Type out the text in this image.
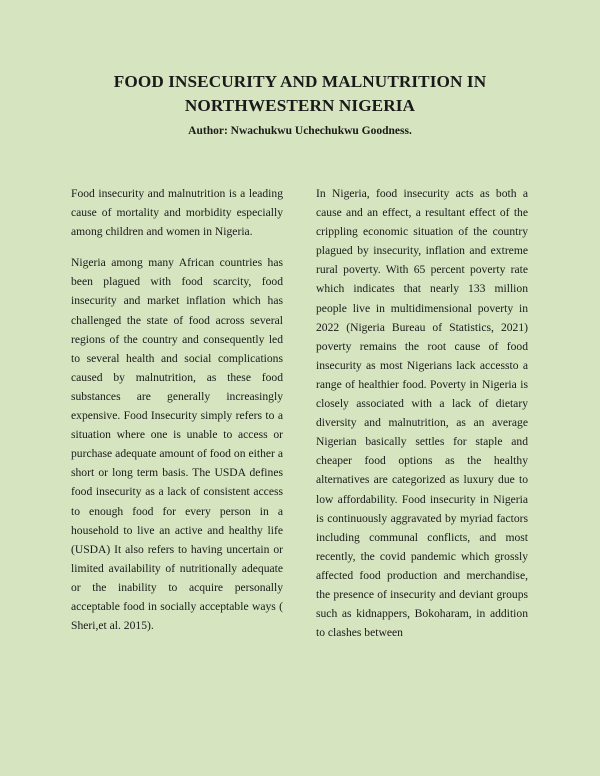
FOOD INSECURITY AND MALNUTRITION IN
NORTHWESTERN NIGERIA
Author: Nwachukwu Uchechukwu Goodness.

Food insecurity and malnutrition is a leading cause of mortality and morbidity especially among children and women in Nigeria.

Nigeria among many African countries has been plagued with food scarcity, food insecurity and market inflation which has challenged the state of food across several regions of the country and consequently led to several health and social complications caused by malnutrition, as these food substances are generally increasingly expensive. Food Insecurity simply refers to a situation where one is unable to access or purchase adequate amount of food on either a short or long term basis. The USDA defines food insecurity as a lack of consistent access to enough food for every person in a household to live an active and healthy life (USDA) It also refers to having uncertain or limited availability of nutritionally adequate or the inability to acquire personally acceptable food in socially acceptable ways ( Sheri,et al. 2015).

In Nigeria, food insecurity acts as both a cause and an effect, a resultant effect of the crippling economic situation of the country plagued by insecurity, inflation and extreme rural poverty. With 65 percent poverty rate which indicates that nearly 133 million people live in multidimensional poverty in 2022 (Nigeria Bureau of Statistics, 2021) poverty remains the root cause of food insecurity as most Nigerians lack accessto a range of healthier food. Poverty in Nigeria is closely associated with a lack of dietary diversity and malnutrition, as an average Nigerian basically settles for staple and cheaper food options as the healthy alternatives are categorized as luxury due to low affordability. Food insecurity in Nigeria is continuously aggravated by myriad factors including communal conflicts, and most recently, the covid pandemic which grossly affected food production and merchandise, the presence of insecurity and deviant groups such as kidnappers, Bokoharam, in addition to clashes between
